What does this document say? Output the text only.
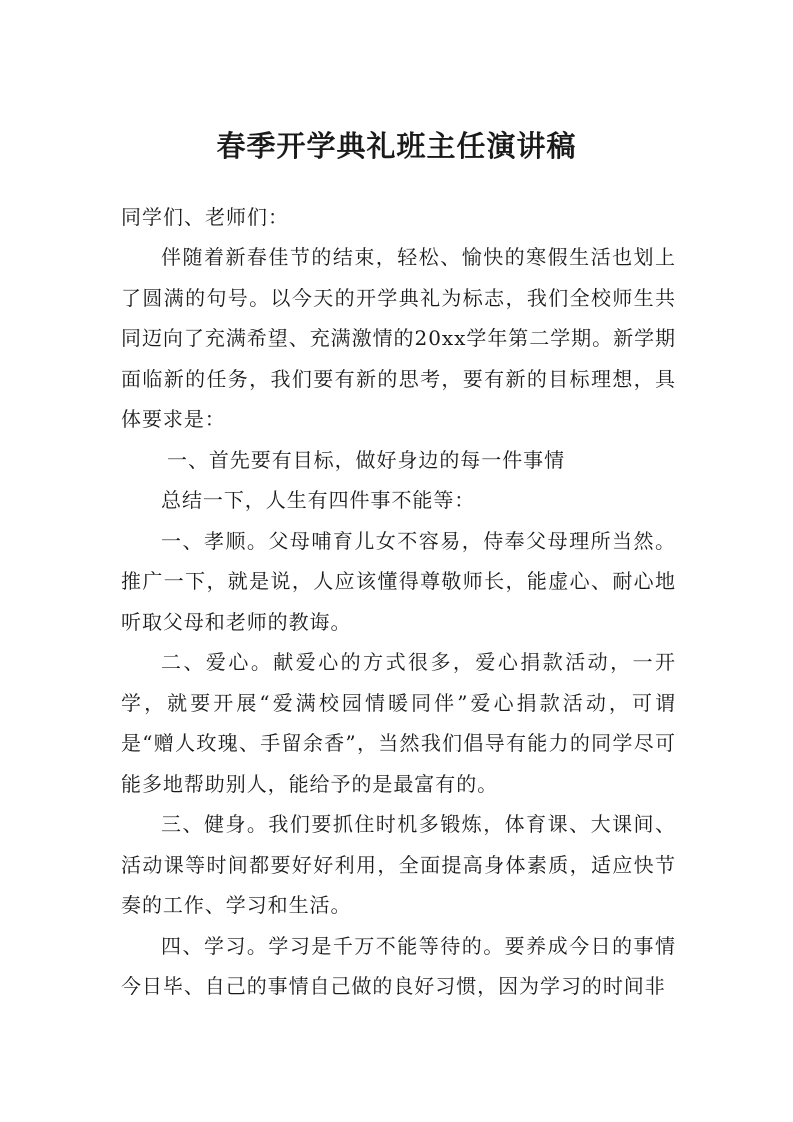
春季开学典礼班主任演讲稿

同学们、老师们：

伴随着新春佳节的结束，轻松、愉快的寒假生活也划上了圆满的句号。以今天的开学典礼为标志，我们全校师生共同迈向了充满希望、充满激情的20xx学年第二学期。新学期面临新的任务，我们要有新的思考，要有新的目标理想，具体要求是：

一、首先要有目标，做好身边的每一件事情

总结一下，人生有四件事不能等：

一、孝顺。父母哺育儿女不容易，侍奉父母理所当然。推广一下，就是说，人应该懂得尊敬师长，能虚心、耐心地听取父母和老师的教诲。

二、爱心。献爱心的方式很多，爱心捐款活动，一开学，就要开展“爱满校园情暖同伴”爱心捐款活动，可谓是“赠人玫瑰、手留余香”，当然我们倡导有能力的同学尽可能多地帮助别人，能给予的是最富有的。

三、健身。我们要抓住时机多锻炼，体育课、大课间、活动课等时间都要好好利用，全面提高身体素质，适应快节奏的工作、学习和生活。

四、学习。学习是千万不能等待的。要养成今日的事情今日毕、自己的事情自己做的良好习惯，因为学习的时间非
